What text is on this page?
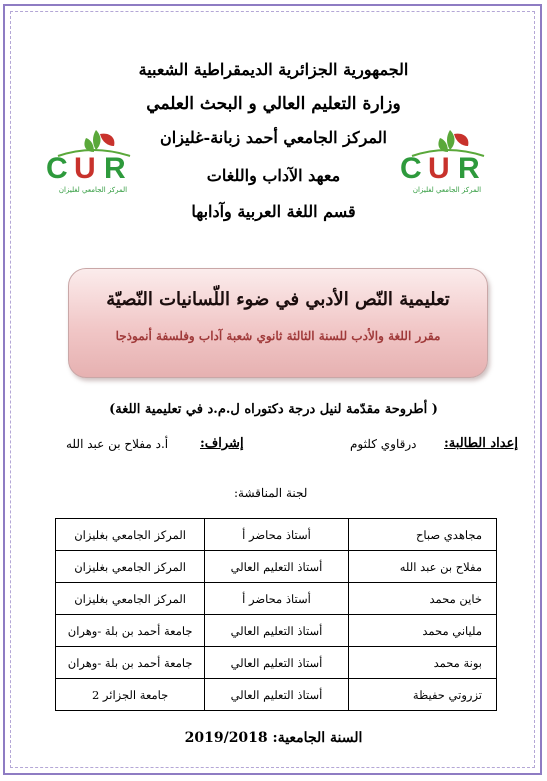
الجمهورية الجزائرية الديمقراطية الشعبية
وزارة التعليم العالي و البحث العلمي
المركز الجامعي أحمد زبانة-غليزان
معهد الآداب واللغات
قسم اللغة العربية وآدابها
C U R
المركز الجامعي لغليزان
C U R
المركز الجامعي لغليزان
تعليمية النّص الأدبي في ضوء اللّسانيات النّصيّة
مقرر اللغة والأدب للسنة الثالثة ثانوي شعبة آداب وفلسفة أنموذجا
( أطروحة مقدّمة لنيل درجة دكتوراه ل.م.د في تعليمية اللغة)
إعداد الطالبة:
درقاوي كلثوم
إشراف:
أ.د مفلاح بن عبد الله
لجنة المناقشة:
مجاهدي صباح	أستاذ محاضر أ	المركز الجامعي بغليزان
مفلاح بن عبد الله	أستاذ التعليم العالي	المركز الجامعي بغليزان
خاين محمد	أستاذ محاضر أ	المركز الجامعي بغليزان
ملياني محمد	أستاذ التعليم العالي	جامعة أحمد بن بلة -وهران
بونة محمد	أستاذ التعليم العالي	جامعة أحمد بن بلة -وهران
تزروتي حفيظة	أستاذ التعليم العالي	جامعة الجزائر 2
السنة الجامعية: 2019/2018
